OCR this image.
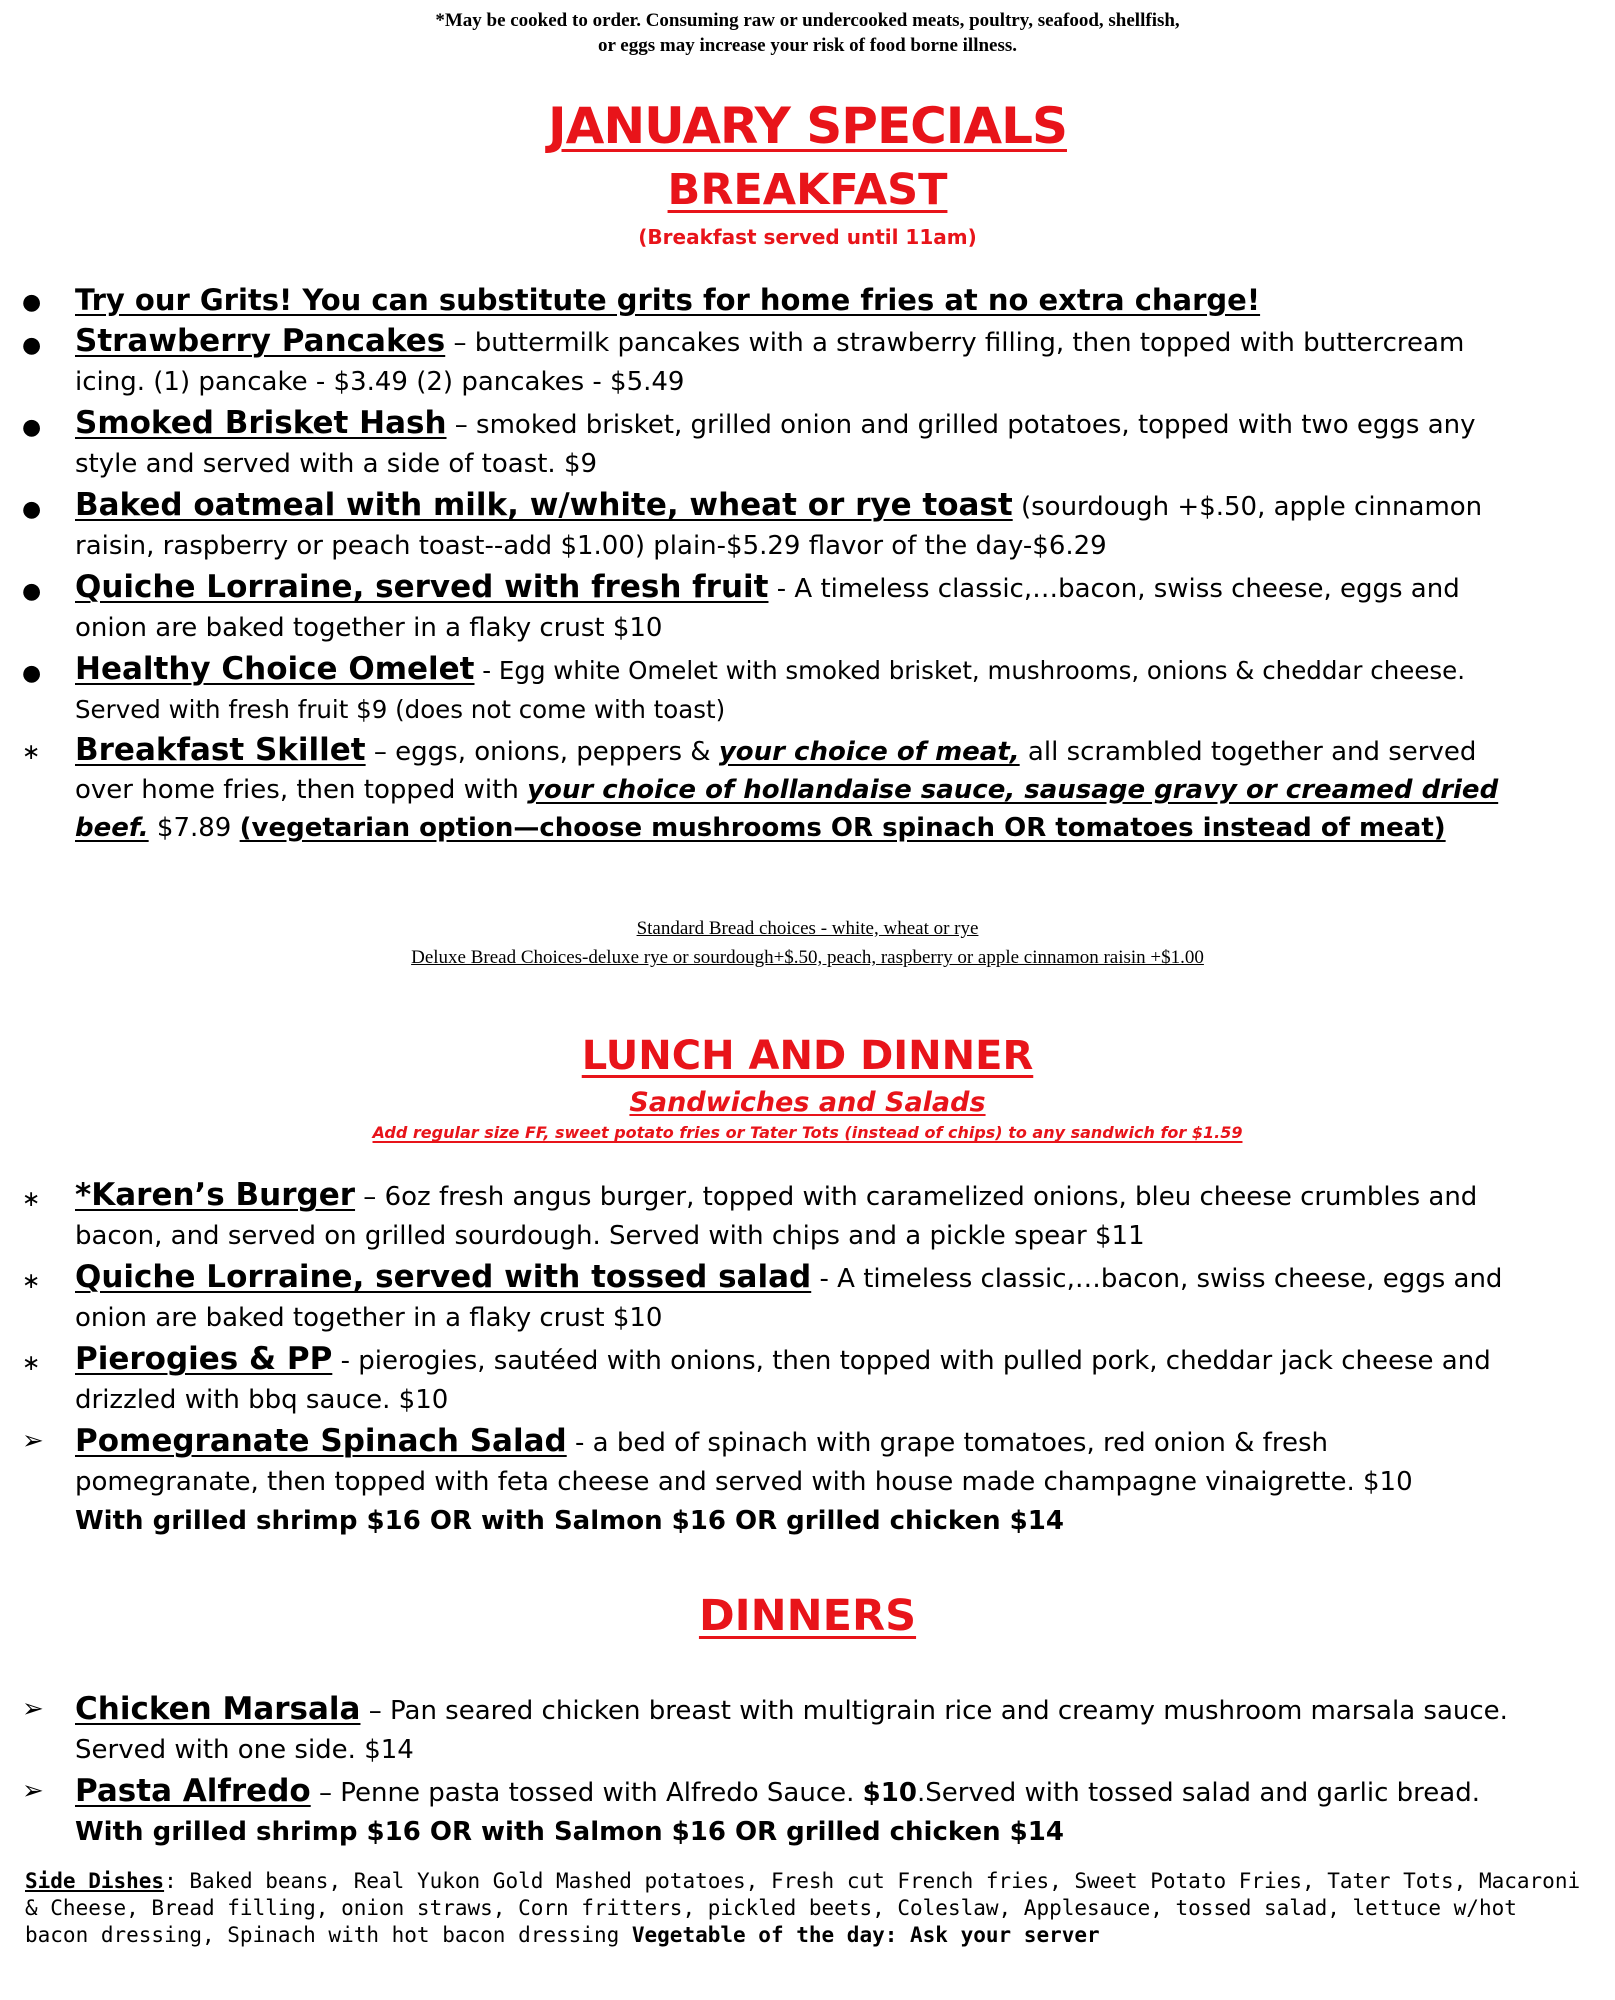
*May be cooked to order. Consuming raw or undercooked meats, poultry, seafood, shellfish,
or eggs may increase your risk of food borne illness.
JANUARY SPECIALS
BREAKFAST
(Breakfast served until 11am)
●	Try our Grits! You can substitute grits for home fries at no extra charge!
●	Strawberry Pancakes – buttermilk pancakes with a strawberry filling, then topped with buttercream icing. (1) pancake - $3.49 (2) pancakes - $5.49
●	Smoked Brisket Hash – smoked brisket, grilled onion and grilled potatoes, topped with two eggs any style and served with a side of toast. $9
●	Baked oatmeal with milk, w/white, wheat or rye toast (sourdough +$.50, apple cinnamon raisin, raspberry or peach toast--add $1.00) plain-$5.29 flavor of the day-$6.29
●	Quiche Lorraine, served with fresh fruit - A timeless classic,…bacon, swiss cheese, eggs and onion are baked together in a flaky crust $10
●	Healthy Choice Omelet - Egg white Omelet with smoked brisket, mushrooms, onions & cheddar cheese. Served with fresh fruit $9 (does not come with toast)
∗	Breakfast Skillet – eggs, onions, peppers & your choice of meat, all scrambled together and served over home fries, then topped with your choice of hollandaise sauce, sausage gravy or creamed dried beef. $7.89 (vegetarian option—choose mushrooms OR spinach OR tomatoes instead of meat)
Standard Bread choices - white, wheat or rye
Deluxe Bread Choices-deluxe rye or sourdough+$.50, peach, raspberry or apple cinnamon raisin +$1.00
LUNCH AND DINNER
Sandwiches and Salads
Add regular size FF, sweet potato fries or Tater Tots (instead of chips) to any sandwich for $1.59
∗	*Karen’s Burger – 6oz fresh angus burger, topped with caramelized onions, bleu cheese crumbles and bacon, and served on grilled sourdough. Served with chips and a pickle spear $11
∗	Quiche Lorraine, served with tossed salad - A timeless classic,…bacon, swiss cheese, eggs and onion are baked together in a flaky crust $10
∗	Pierogies & PP - pierogies, sautéed with onions, then topped with pulled pork, cheddar jack cheese and drizzled with bbq sauce. $10
➢	Pomegranate Spinach Salad - a bed of spinach with grape tomatoes, red onion & fresh pomegranate, then topped with feta cheese and served with house made champagne vinaigrette. $10
With grilled shrimp $16 OR with Salmon $16 OR grilled chicken $14
DINNERS
➢	Chicken Marsala – Pan seared chicken breast with multigrain rice and creamy mushroom marsala sauce. Served with one side. $14
➢	Pasta Alfredo – Penne pasta tossed with Alfredo Sauce. $10.Served with tossed salad and garlic bread.
With grilled shrimp $16 OR with Salmon $16 OR grilled chicken $14
Side Dishes: Baked beans, Real Yukon Gold Mashed potatoes, Fresh cut French fries, Sweet Potato Fries, Tater Tots, Macaroni & Cheese, Bread filling, onion straws, Corn fritters, pickled beets, Coleslaw, Applesauce, tossed salad, lettuce w/hot bacon dressing, Spinach with hot bacon dressing Vegetable of the day: Ask your server
